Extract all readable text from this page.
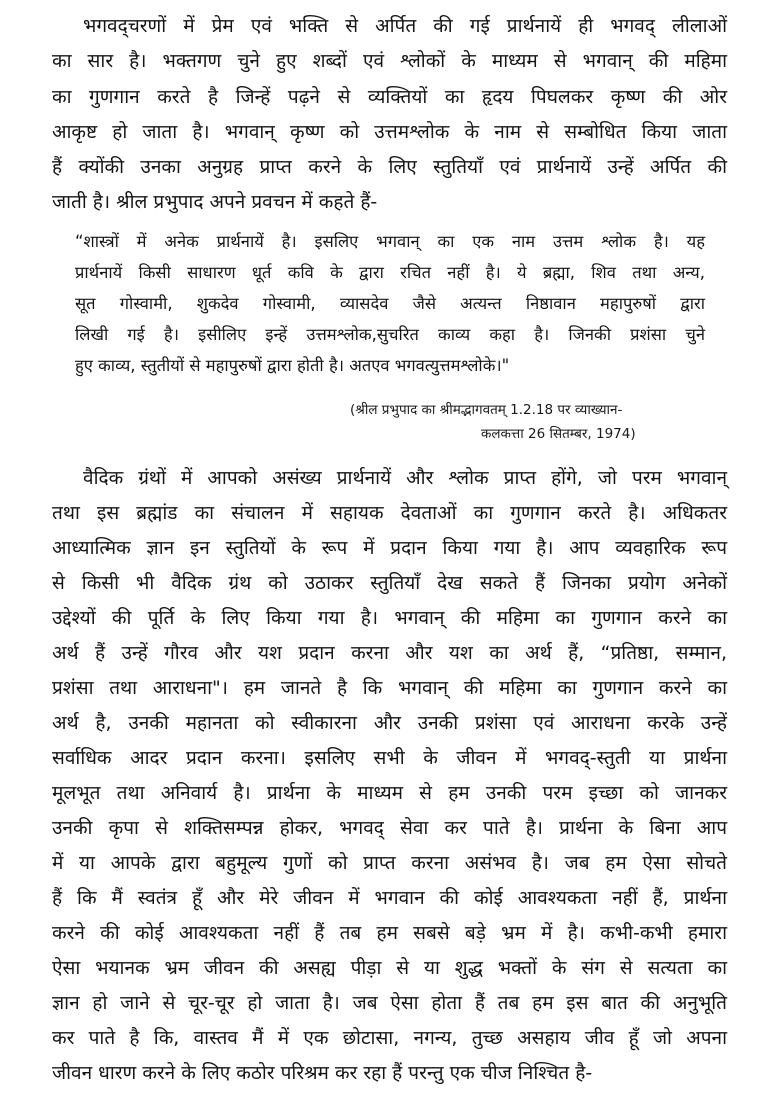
भगवद्‌चरणों में प्रेम एवं भक्ति से अर्पित की गई प्रार्थनायें ही भगवद् लीलाओं
का सार है। भक्तगण चुने हुए शब्दों एवं श्लोकों के माध्यम से भगवान् की महिमा
का गुणगान करते है जिन्हें पढ़ने से व्यक्तियों का हृदय पिघलकर कृष्ण की ओर
आकृष्ट हो जाता है। भगवान् कृष्ण को उत्तमश्लोक के नाम से सम्बोधित किया जाता
हैं क्योंकी उनका अनुग्रह प्राप्त करने के लिए स्तुतियाँ एवं प्रार्थनायें उन्हें अर्पित की
जाती है। श्रील प्रभुपाद अपने प्रवचन में कहते हैं-
“शास्त्रों में अनेक प्रार्थनायें है। इसलिए भगवान् का एक नाम उत्तम श्लोक है। यह
प्रार्थनायें किसी साधारण धूर्त कवि के द्वारा रचित नहीं है। ये ब्रह्मा, शिव तथा अन्य,
सूत गोस्वामी, शुकदेव गोस्वामी, व्यासदेव जैसे अत्यन्त निष्ठावान महापुरुषों द्वारा
लिखी गई है। इसीलिए इन्हें उत्तमश्लोक,सुचरित काव्य कहा है। जिनकी प्रशंसा चुने
हुए काव्य, स्तुतीयों से महापुरुषों द्वारा होती है। अतएव भगवत्युत्तमश्लोके।"
(श्रील प्रभुपाद का श्रीमद्भागवतम् 1.2.18 पर व्याख्यान-
कलकत्ता 26 सितम्बर, 1974)
वैदिक ग्रंथों में आपको असंख्य प्रार्थनायें और श्लोक प्राप्त होंगे, जो परम भगवान्
तथा इस ब्रह्मांड का संचालन में सहायक देवताओं का गुणगान करते है। अधिकतर
आध्यात्मिक ज्ञान इन स्तुतियों के रूप में प्रदान किया गया है। आप व्यवहारिक रूप
से किसी भी वैदिक ग्रंथ को उठाकर स्तुतियाँ देख सकते हैं जिनका प्रयोग अनेकों
उद्देश्यों की पूर्ति के लिए किया गया है। भगवान् की महिमा का गुणगान करने का
अर्थ हैं उन्हें गौरव और यश प्रदान करना और यश का अर्थ हैं, “प्रतिष्ठा, सम्मान,
प्रशंसा तथा आराधना"। हम जानते है कि भगवान् की महिमा का गुणगान करने का
अर्थ है, उनकी महानता को स्वीकारना और उनकी प्रशंसा एवं आराधना करके उन्हें
सर्वाधिक आदर प्रदान करना। इसलिए सभी के जीवन में भगवद्-स्तुती या प्रार्थना
मूलभूत तथा अनिवार्य है। प्रार्थना के माध्यम से हम उनकी परम इच्छा को जानकर
उनकी कृपा से शक्तिसम्पन्न होकर, भगवद् सेवा कर पाते है। प्रार्थना के बिना आप
में या आपके द्वारा बहुमूल्य गुणों को प्राप्त करना असंभव है। जब हम ऐसा सोचते
हैं कि मैं स्वतंत्र हूँ और मेरे जीवन में भगवान की कोई आवश्यकता नहीं हैं, प्रार्थना
करने की कोई आवश्यकता नहीं हैं तब हम सबसे बड़े भ्रम में है। कभी-कभी हमारा
ऐसा भयानक भ्रम जीवन की असह्य पीड़ा से या शुद्ध भक्तों के संग से सत्यता का
ज्ञान हो जाने से चूर-चूर हो जाता है। जब ऐसा होता हैं तब हम इस बात की अनुभूति
कर पाते है कि, वास्तव मैं में एक छोटासा, नगन्य, तुच्छ असहाय जीव हूँ जो अपना
जीवन धारण करने के लिए कठोर परिश्रम कर रहा हैं परन्तु एक चीज निश्चित है-
